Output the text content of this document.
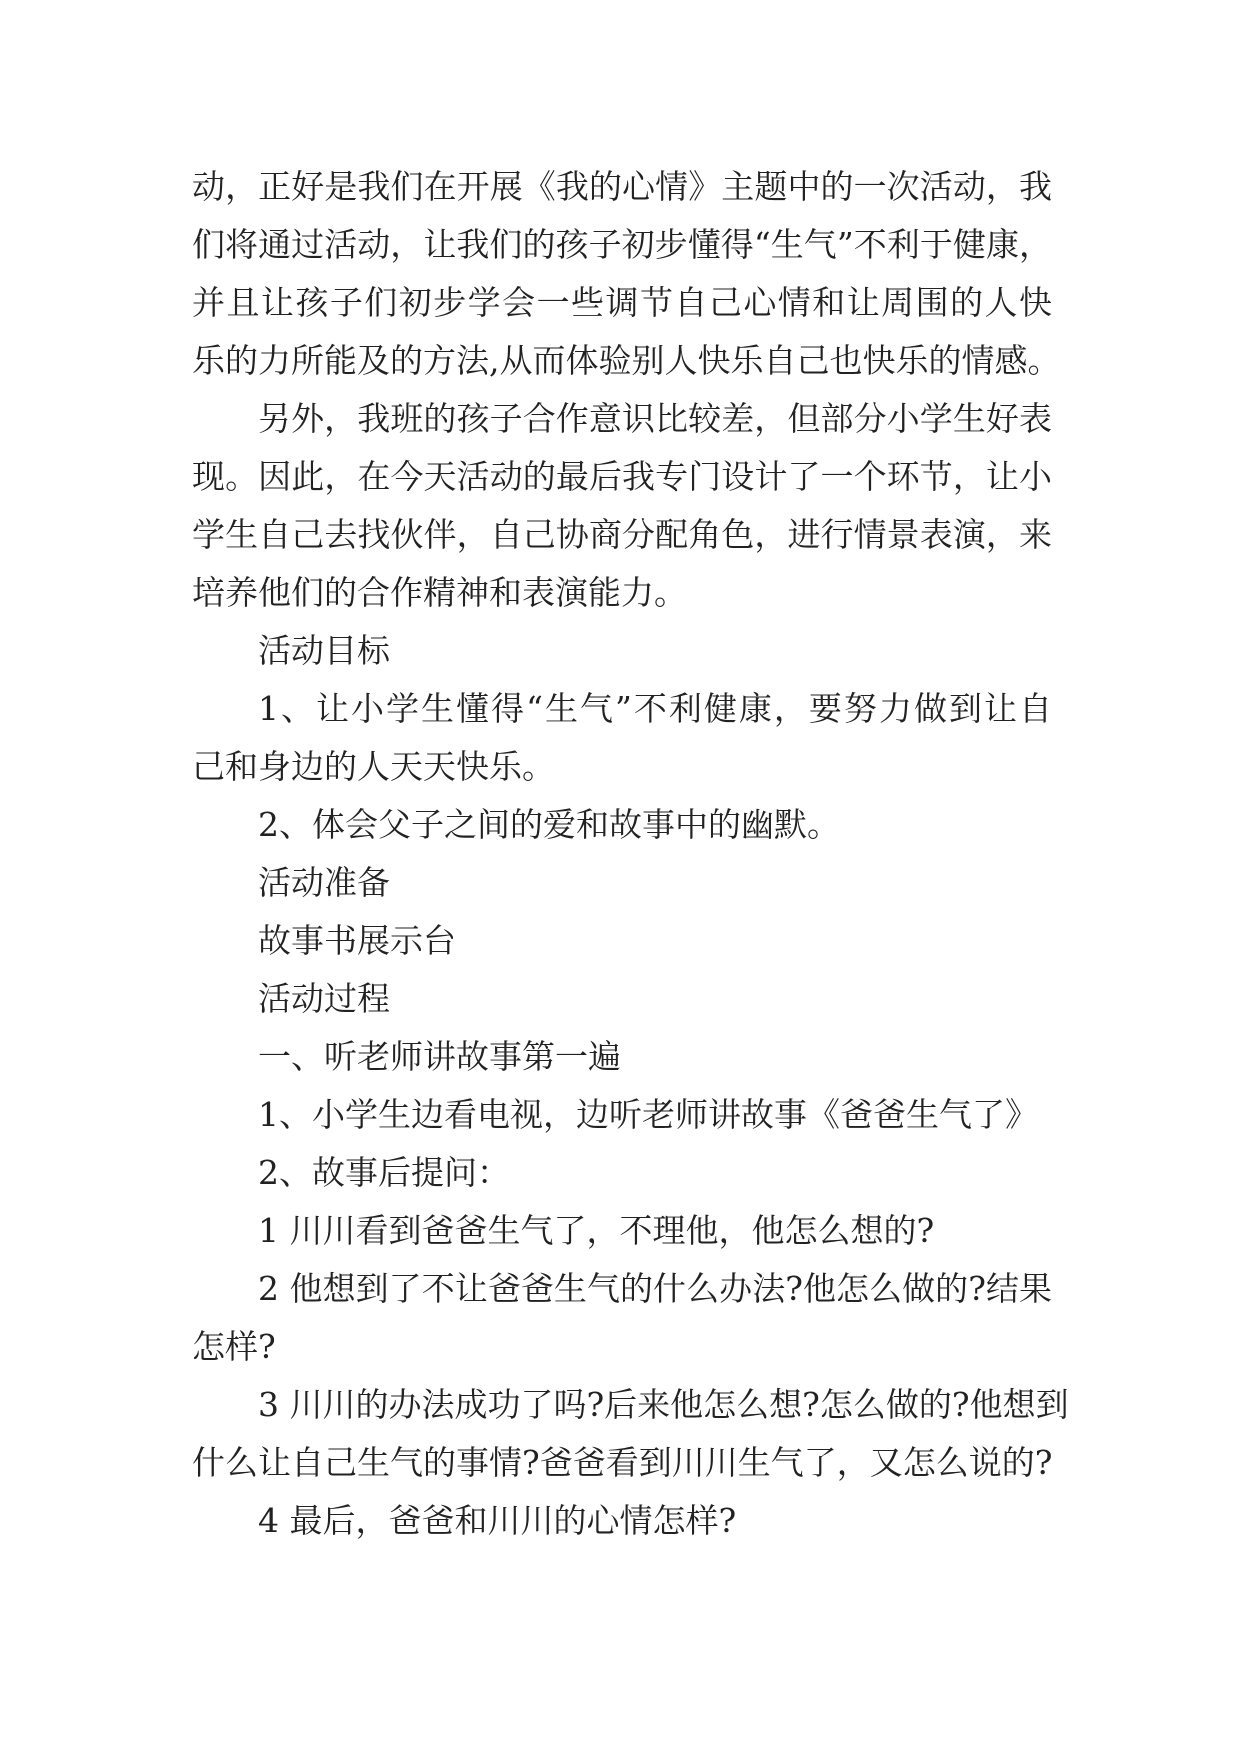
动，正好是我们在开展《我的心情》主题中的一次活动，我
们将通过活动，让我们的孩子初步懂得“生气”不利于健康，
并且让孩子们初步学会一些调节自己心情和让周围的人快
乐的力所能及的方法,从而体验别人快乐自己也快乐的情感。
另外，我班的孩子合作意识比较差，但部分小学生好表
现。因此，在今天活动的最后我专门设计了一个环节，让小
学生自己去找伙伴，自己协商分配角色，进行情景表演，来
培养他们的合作精神和表演能力。
活动目标
1、让小学生懂得“生气”不利健康，要努力做到让自
己和身边的人天天快乐。
2、体会父子之间的爱和故事中的幽默。
活动准备
故事书展示台
活动过程
一、听老师讲故事第一遍
1、小学生边看电视，边听老师讲故事《爸爸生气了》
2、故事后提问：
1 川川看到爸爸生气了，不理他，他怎么想的?
2 他想到了不让爸爸生气的什么办法?他怎么做的?结果
怎样?
3 川川的办法成功了吗?后来他怎么想?怎么做的?他想到
什么让自己生气的事情?爸爸看到川川生气了，又怎么说的?
4 最后，爸爸和川川的心情怎样?
